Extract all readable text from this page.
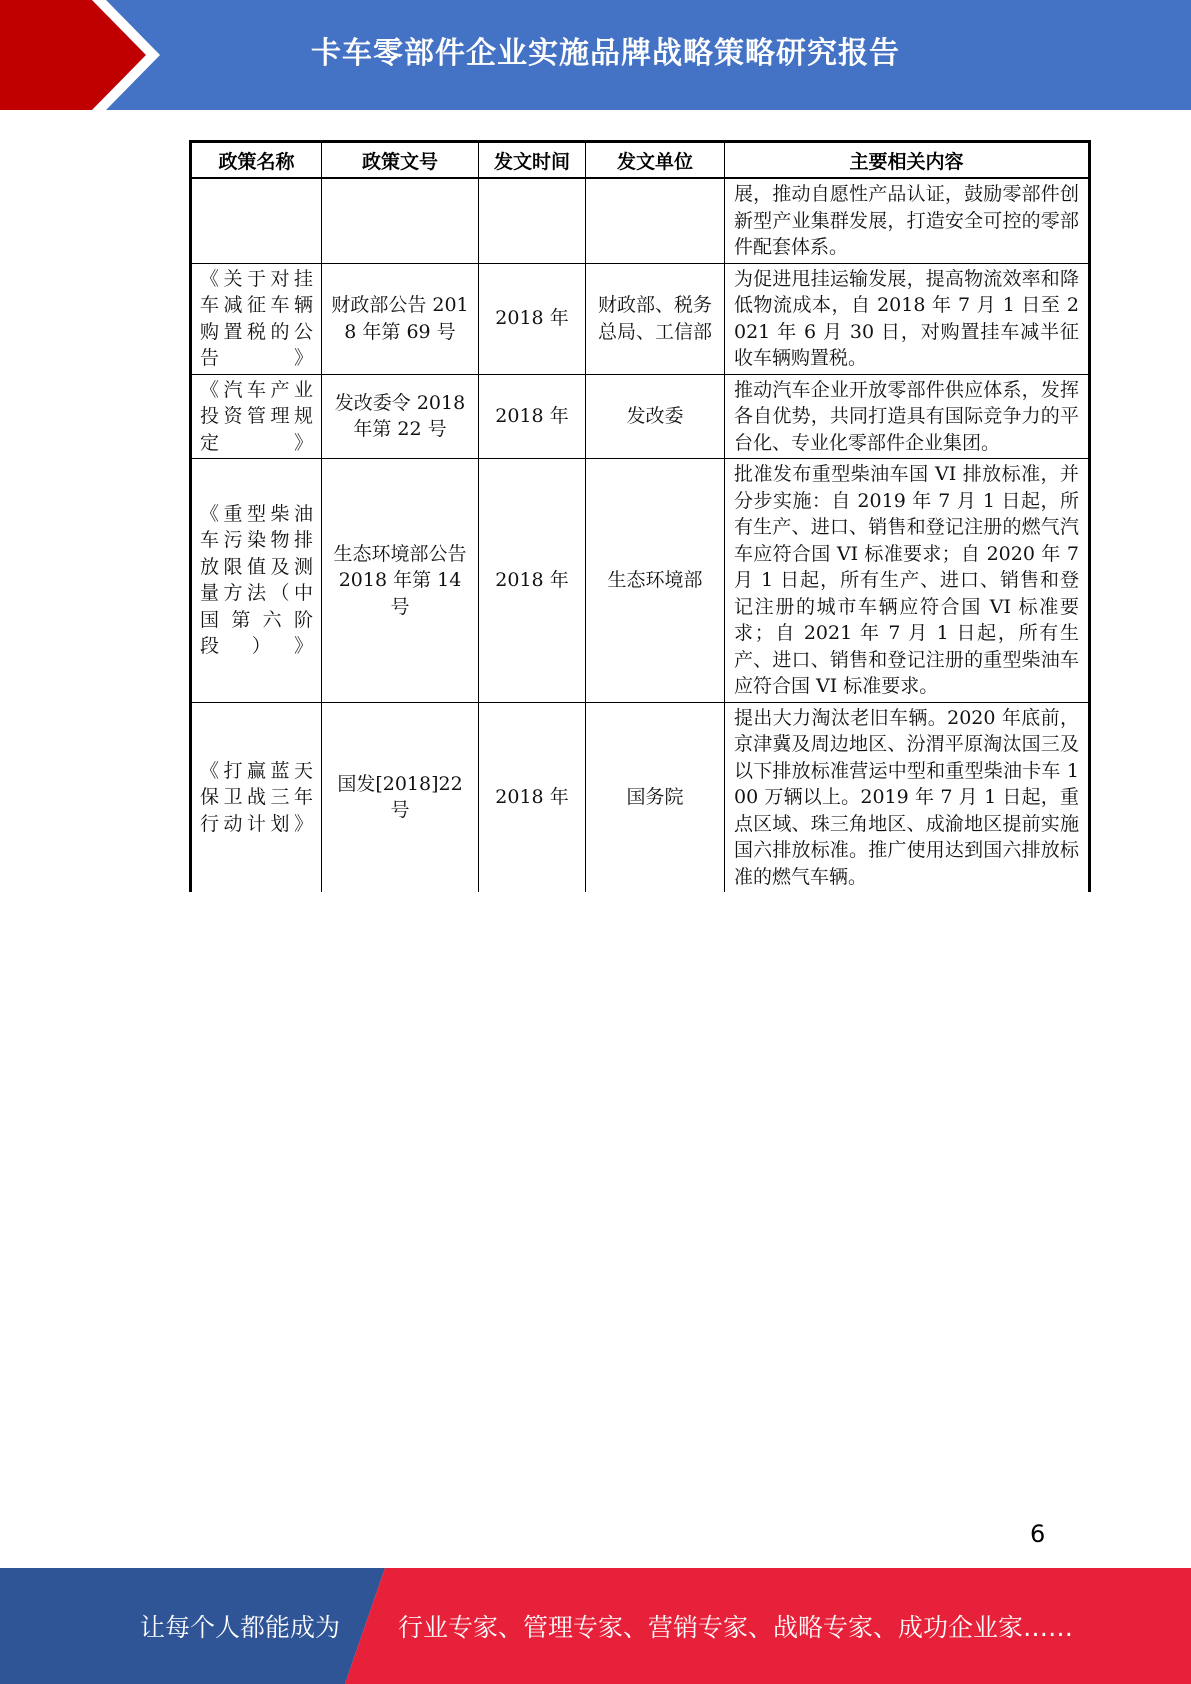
卡车零部件企业实施品牌战略策略研究报告
政策名称	政策文号	发文时间	发文单位	主要相关内容
				展，推动自愿性产品认证，鼓励零部件创新型产业集群发展，打造安全可控的零部件配套体系。
《关于对挂车减征车辆购置税的公告》	财政部公告 2018 年第 69 号	2018 年	财政部、税务总局、工信部	为促进甩挂运输发展，提高物流效率和降低物流成本，自 2018 年 7 月 1 日至 2021 年 6 月 30 日，对购置挂车减半征收车辆购置税。
《汽车产业投资管理规定》	发改委令 2018 年第 22 号	2018 年	发改委	推动汽车企业开放零部件供应体系，发挥各自优势，共同打造具有国际竞争力的平台化、专业化零部件企业集团。
《重型柴油车污染物排放限值及测量方法（中国第六阶段）》	生态环境部公告 2018 年第 14 号	2018 年	生态环境部	批准发布重型柴油车国 VI 排放标准，并分步实施：自 2019 年 7 月 1 日起，所有生产、进口、销售和登记注册的燃气汽车应符合国 VI 标准要求；自 2020 年 7 月 1 日起，所有生产、进口、销售和登记注册的城市车辆应符合国 VI 标准要求；自 2021 年 7 月 1 日起，所有生产、进口、销售和登记注册的重型柴油车应符合国 VI 标准要求。
《打赢蓝天保卫战三年行动计划》	国发[2018]22 号	2018 年	国务院	提出大力淘汰老旧车辆。2020 年底前，京津冀及周边地区、汾渭平原淘汰国三及以下排放标准营运中型和重型柴油卡车 100 万辆以上。2019 年 7 月 1 日起，重点区域、珠三角地区、成渝地区提前实施国六排放标准。推广使用达到国六排放标准的燃气车辆。
6
让每个人都能成为 行业专家、管理专家、营销专家、战略专家、成功企业家……
